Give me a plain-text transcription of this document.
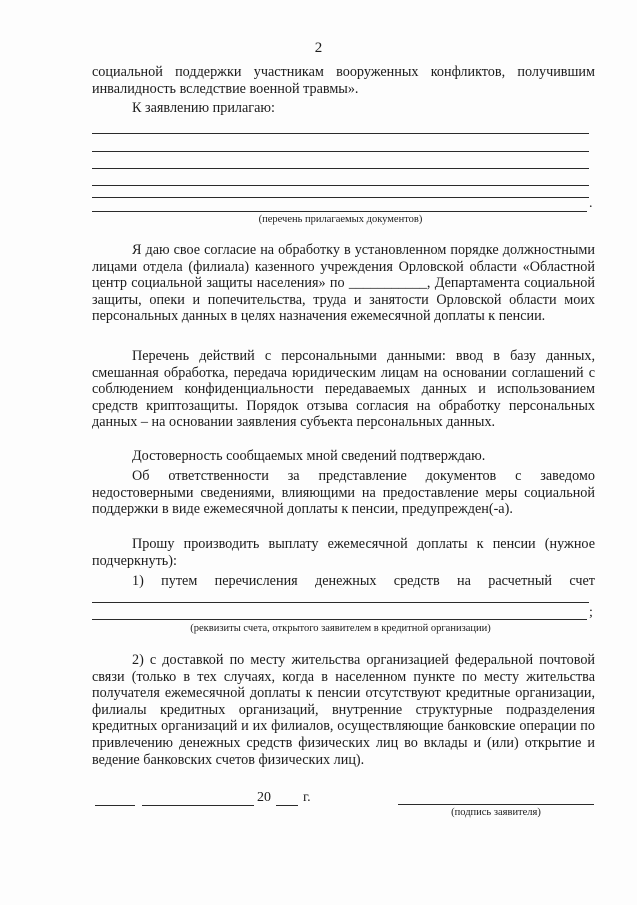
2

социальной поддержки участникам вооруженных конфликтов, получившим инвалидность вследствие военной травмы».

К заявлению прилагаю:

.
(перечень прилагаемых документов)

Я даю свое согласие на обработку в установленном порядке должностными лицами отдела (филиала) казенного учреждения Орловской области «Областной центр социальной защиты населения» по ___________, Департамента социальной защиты, опеки и попечительства, труда и занятости Орловской области моих персональных данных в целях назначения ежемесячной доплаты к пенсии.

Перечень действий с персональными данными: ввод в базу данных, смешанная обработка, передача юридическим лицам на основании соглашений с соблюдением конфиденциальности передаваемых данных и использованием средств криптозащиты. Порядок отзыва согласия на обработку персональных данных – на основании заявления субъекта персональных данных.

Достоверность сообщаемых мной сведений подтверждаю.

Об ответственности за представление документов с заведомо недостоверными сведениями, влияющими на предоставление меры социальной поддержки в виде ежемесячной доплаты к пенсии, предупрежден(-а).

Прошу производить выплату ежемесячной доплаты к пенсии (нужное подчеркнуть):

1) путем перечисления денежных средств на расчетный счет

;
(реквизиты счета, открытого заявителем в кредитной организации)

2) с доставкой по месту жительства организацией федеральной почтовой связи (только в тех случаях, когда в населенном пункте по месту жительства получателя ежемесячной доплаты к пенсии отсутствуют кредитные организации, филиалы кредитных организаций, внутренние структурные подразделения кредитных организаций и их филиалов, осуществляющие банковские операции по привлечению денежных средств физических лиц во вклады и (или) открытие и ведение банковских счетов физических лиц).

20 г.
(подпись заявителя)
